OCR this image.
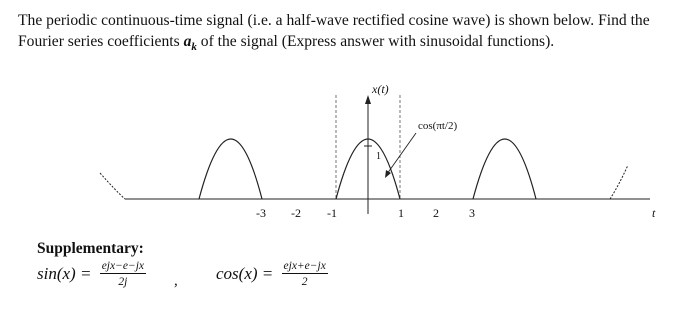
The periodic continuous-time signal (i.e. a half-wave rectified cosine wave) is shown below. Find the
Fourier series coefficients $a_k$ of the signal (Express answer with sinusoidal functions).
1
cos(πt/2)
x(t)
t
-3 -2 -1	1 2	3
Supplementary:
$\sin(x) = \frac{\text{ejx−e−jx}}{2j}$ , $\cos(x) = \frac{\text{ejx+e−jx}}{2}$
